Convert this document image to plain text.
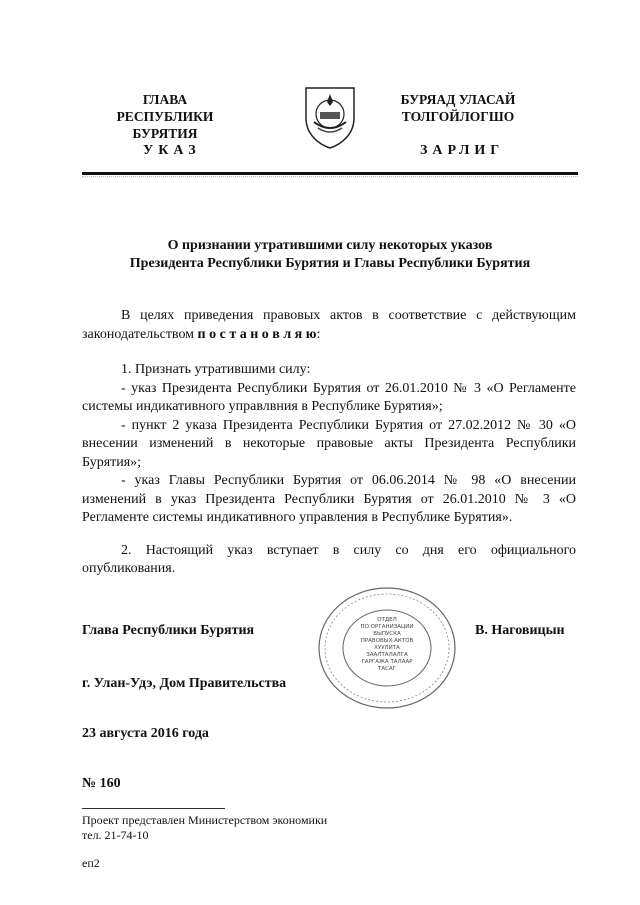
ГЛАВА
РЕСПУБЛИКИ БУРЯТИЯ
УКАЗ
БУРЯАД УЛАСАЙ
ТОЛГОЙЛОГШО
ЗАРЛИГ
О признании утратившими силу некоторых указов
Президента Республики Бурятия и Главы Республики Бурятия

В целях приведения правовых актов в соответствие с действующим законодательством п о с т а н о в л я ю:

1. Признать утратившими силу:

- указ Президента Республики Бурятия от 26.01.2010 № 3 «О Регламенте системы индикативного управлвния в Республике Бурятия»;

- пункт 2 указа Президента Республики Бурятия от 27.02.2012 № 30 «О внесении изменений в некоторые правовые акты Президента Республики Бурятия»;

- указ Главы Республики Бурятия от 06.06.2014 № 98 «О внесении изменений в указ Президента Республики Бурятия от 26.01.2010 № 3 «О Регламенте системы индикативного управления в Республике Бурятия».

2. Настоящий указ вступает в силу со дня его официального опубликования.

Глава Республики Бурятия	В. Наговицын
ОТДЕЛ
ПО ОРГАНИЗАЦИИ
ВЫПУСКА
ПРАВОВЫХ АКТОВ
ХУУЛИТА
ЗААЛТАЛАЛГА
ГАРГАЖА ТАЛААР
ТАСАГ
г. Улан-Удэ, Дом Правительства
23 августа 2016 года
№ 160
Проект представлен Министерством экономики
тел. 21-74-10
еп2
